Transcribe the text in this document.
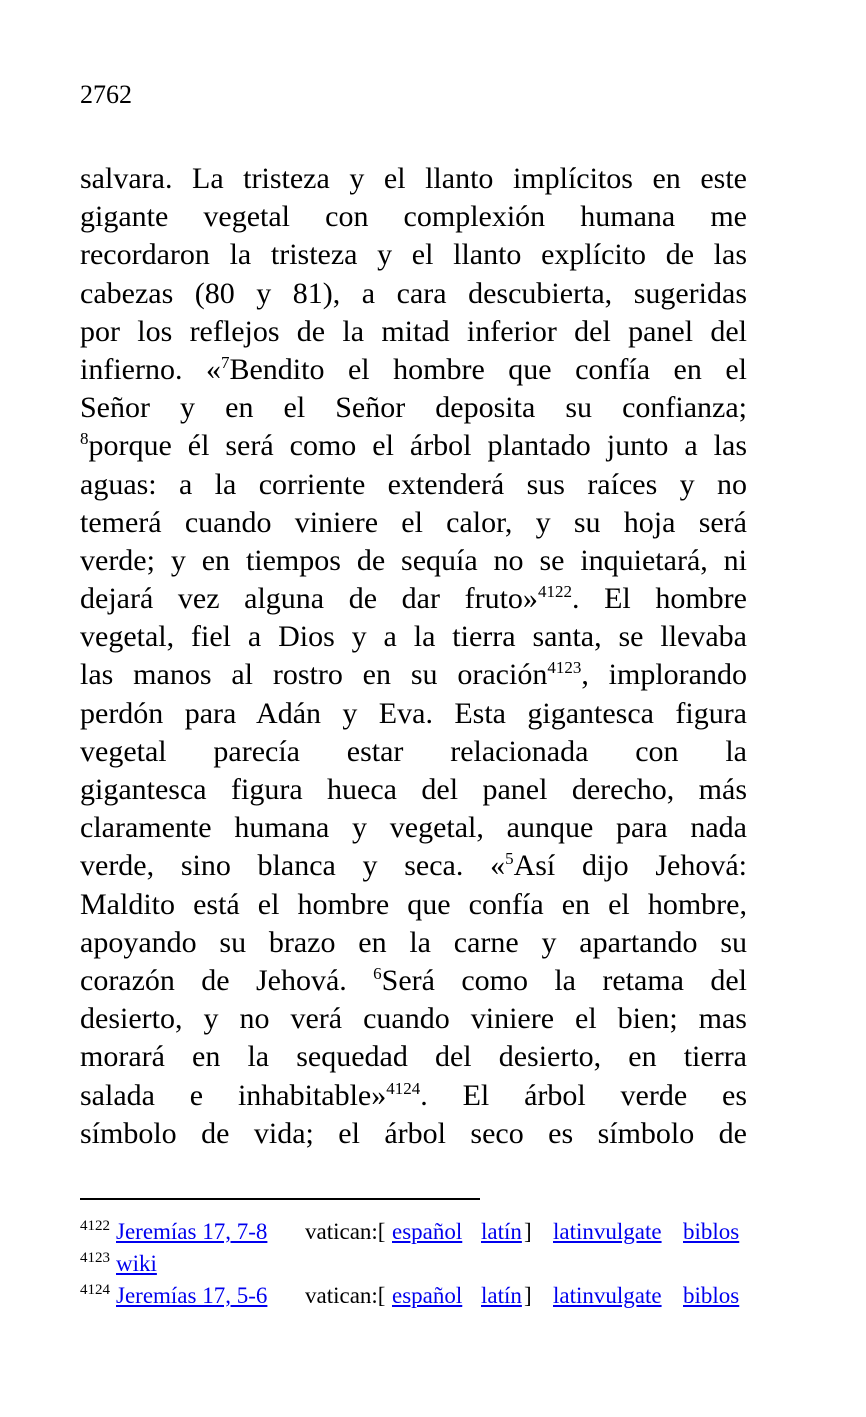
2762
salvara. La tristeza y el llanto implícitos en este
gigante vegetal con complexión humana me
recordaron la tristeza y el llanto explícito de las
cabezas (80 y 81), a cara descubierta, sugeridas
por los reflejos de la mitad inferior del panel del
infierno. «$^7$Bendito el hombre que confía en el
Señor y en el Señor deposita su confianza;
$^8$porque él será como el árbol plantado junto a las
aguas: a la corriente extenderá sus raíces y no
temerá cuando viniere el calor, y su hoja será
verde; y en tiempos de sequía no se inquietará, ni
dejará vez alguna de dar fruto»$^{4122}$. El hombre
vegetal, fiel a Dios y a la tierra santa, se llevaba
las manos al rostro en su oración$^{4123}$, implorando
perdón para Adán y Eva. Esta gigantesca figura
vegetal parecía estar relacionada con la
gigantesca figura hueca del panel derecho, más
claramente humana y vegetal, aunque para nada
verde, sino blanca y seca. «$^5$Así dijo Jehová:
Maldito está el hombre que confía en el hombre,
apoyando su brazo en la carne y apartando su
corazón de Jehová. $^6$Será como la retama del
desierto, y no verá cuando viniere el bien; mas
morará en la sequedad del desierto, en tierra
salada e inhabitable»$^{4124}$. El árbol verde es
símbolo de vida; el árbol seco es símbolo de
$^{4122}$ Jeremías 17, 7-8 vatican:[ español latín ] latinvulgate biblos
$^{4123}$ wiki
$^{4124}$ Jeremías 17, 5-6 vatican:[ español latín ] latinvulgate biblos
